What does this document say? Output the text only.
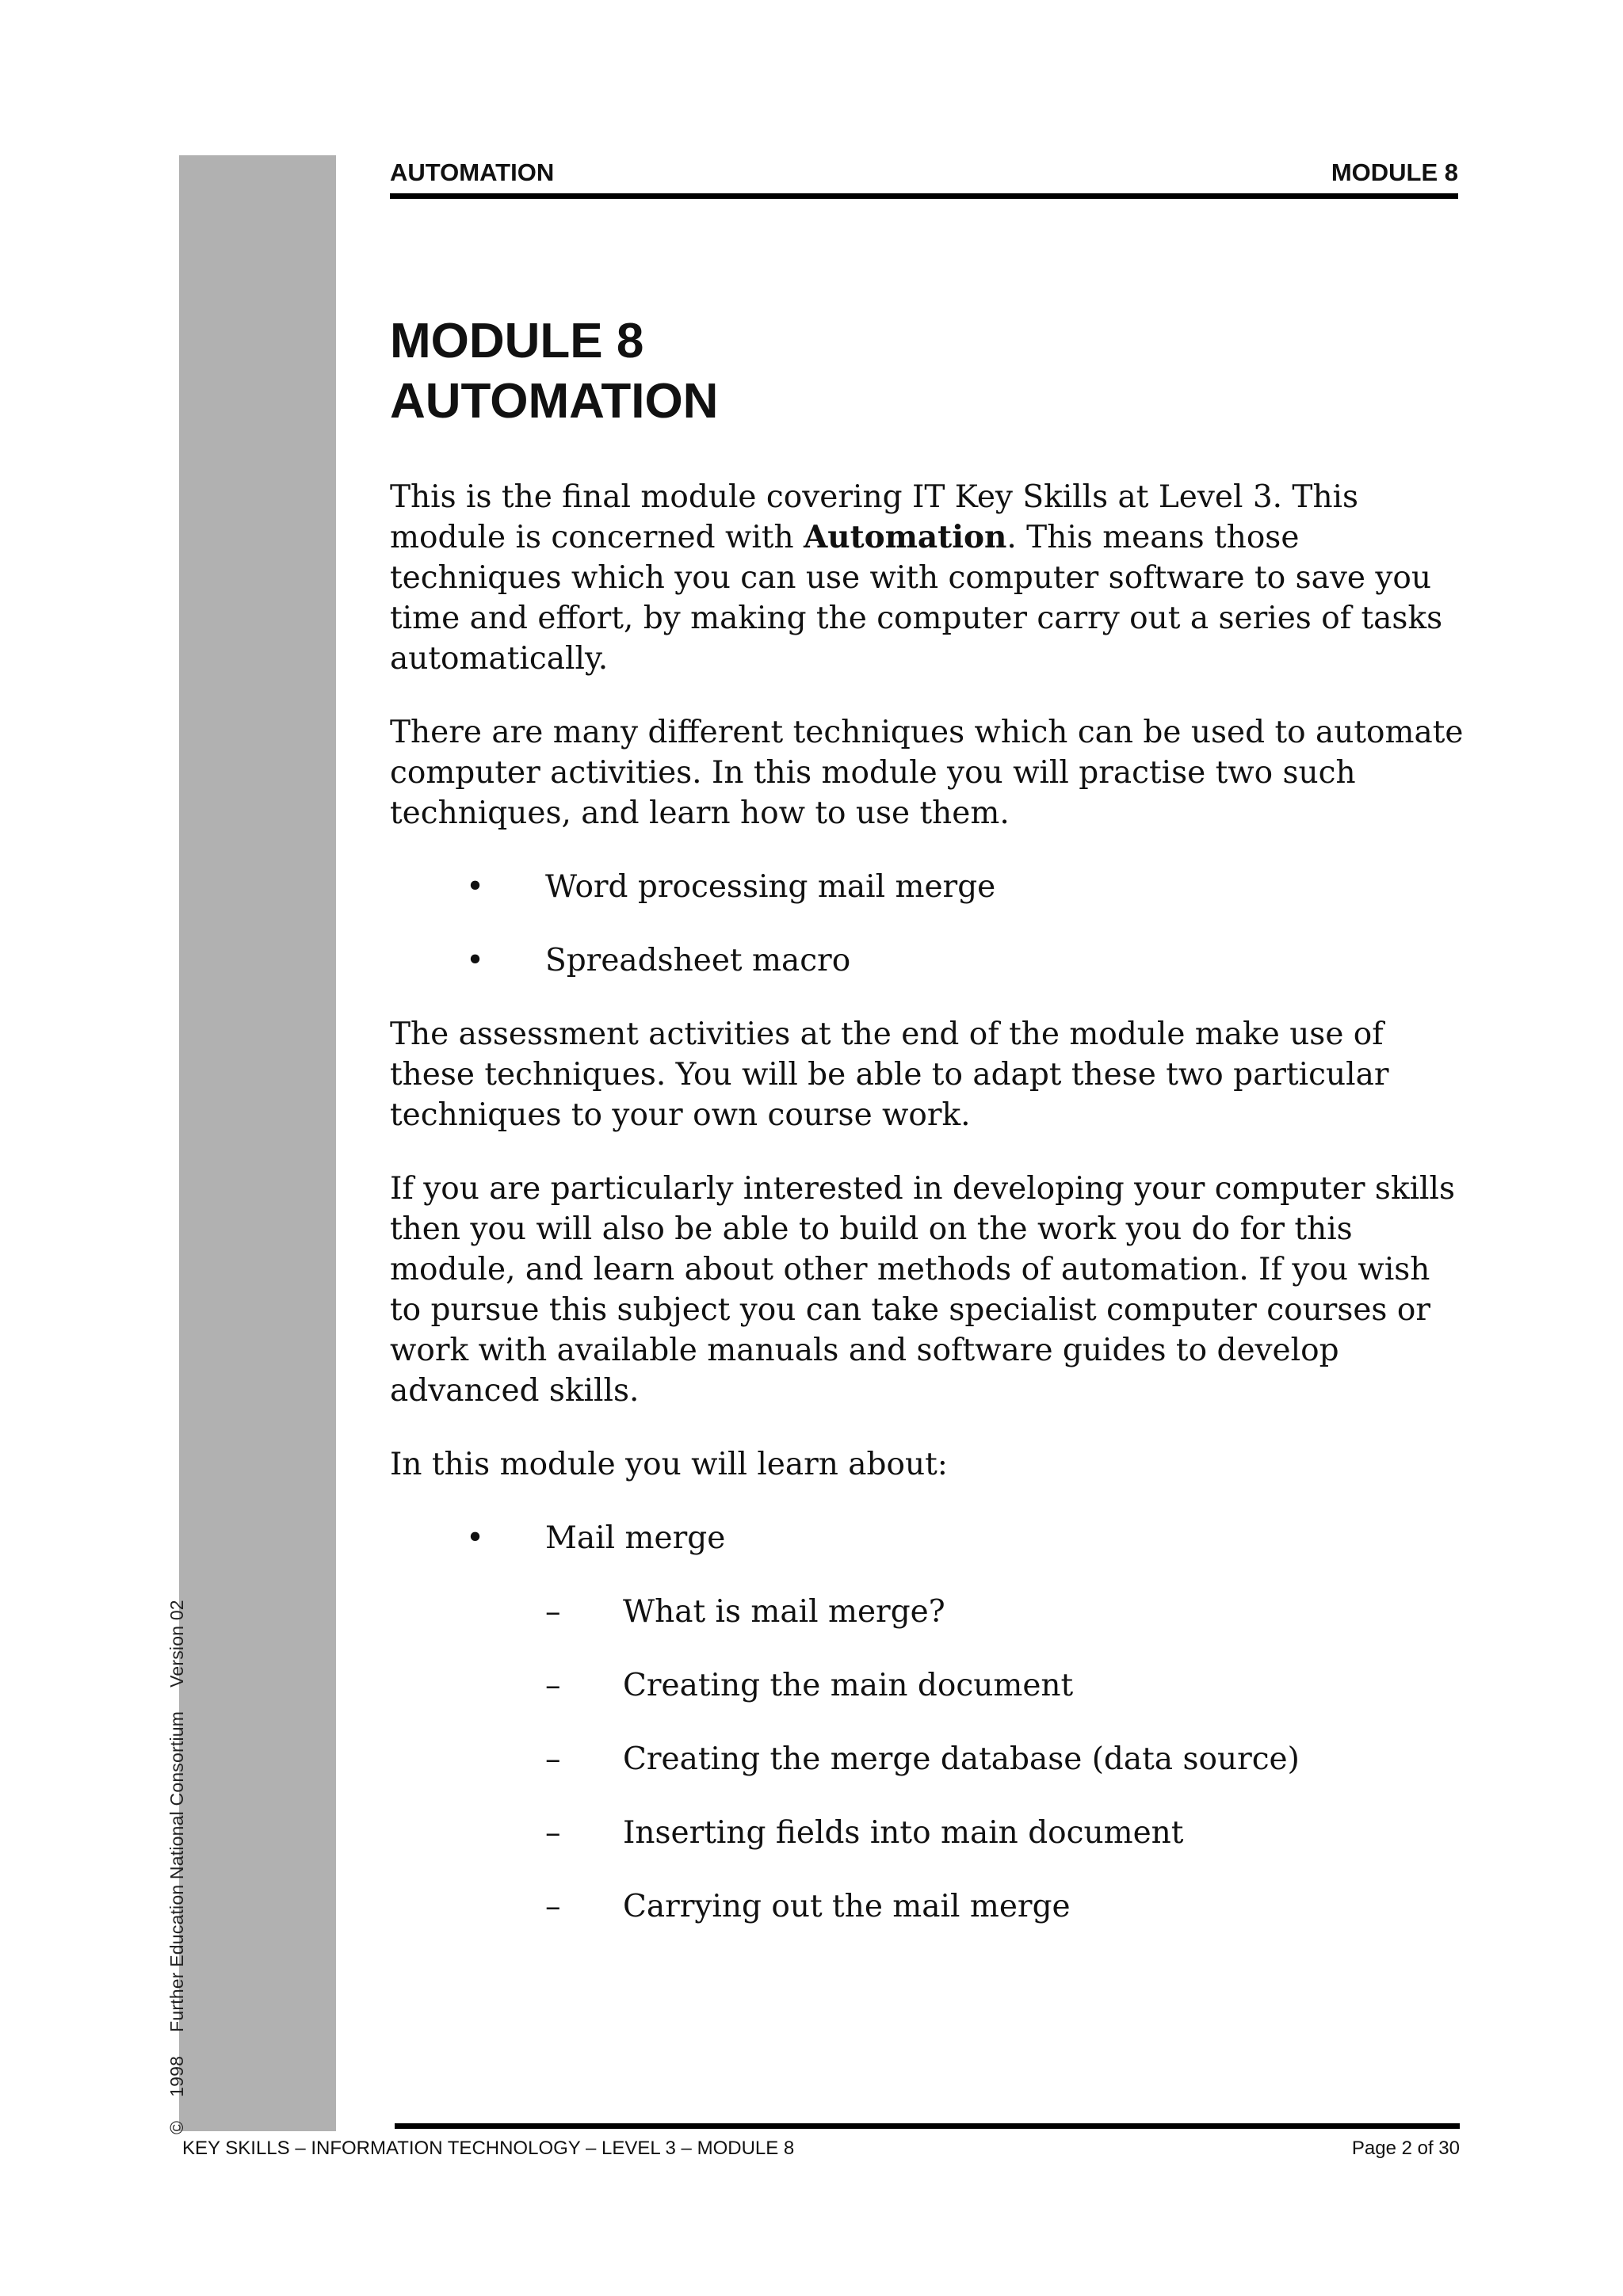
©1998Further Education National ConsortiumVersion 02
AUTOMATION	MODULE 8
MODULE 8
AUTOMATION

This is the final module covering IT Key Skills at Level 3. This module is concerned with Automation. This means those techniques which you can use with computer software to save you time and effort, by making the computer carry out a series of tasks automatically.

There are many different techniques which can be used to automate computer activities. In this module you will practise two such techniques, and learn how to use them.

• Word processing mail merge
• Spreadsheet macro

The assessment activities at the end of the module make use of these techniques. You will be able to adapt these two particular techniques to your own course work.

If you are particularly interested in developing your computer skills then you will also be able to build on the work you do for this module, and learn about other methods of automation. If you wish to pursue this subject you can take specialist computer courses or work with available manuals and software guides to develop advanced skills.

In this module you will learn about:

• Mail merge
– What is mail merge?
– Creating the main document
– Creating the merge database (data source)
– Inserting fields into main document
– Carrying out the mail merge
KEY SKILLS – INFORMATION TECHNOLOGY – LEVEL 3 – MODULE 8	Page 2 of 30
